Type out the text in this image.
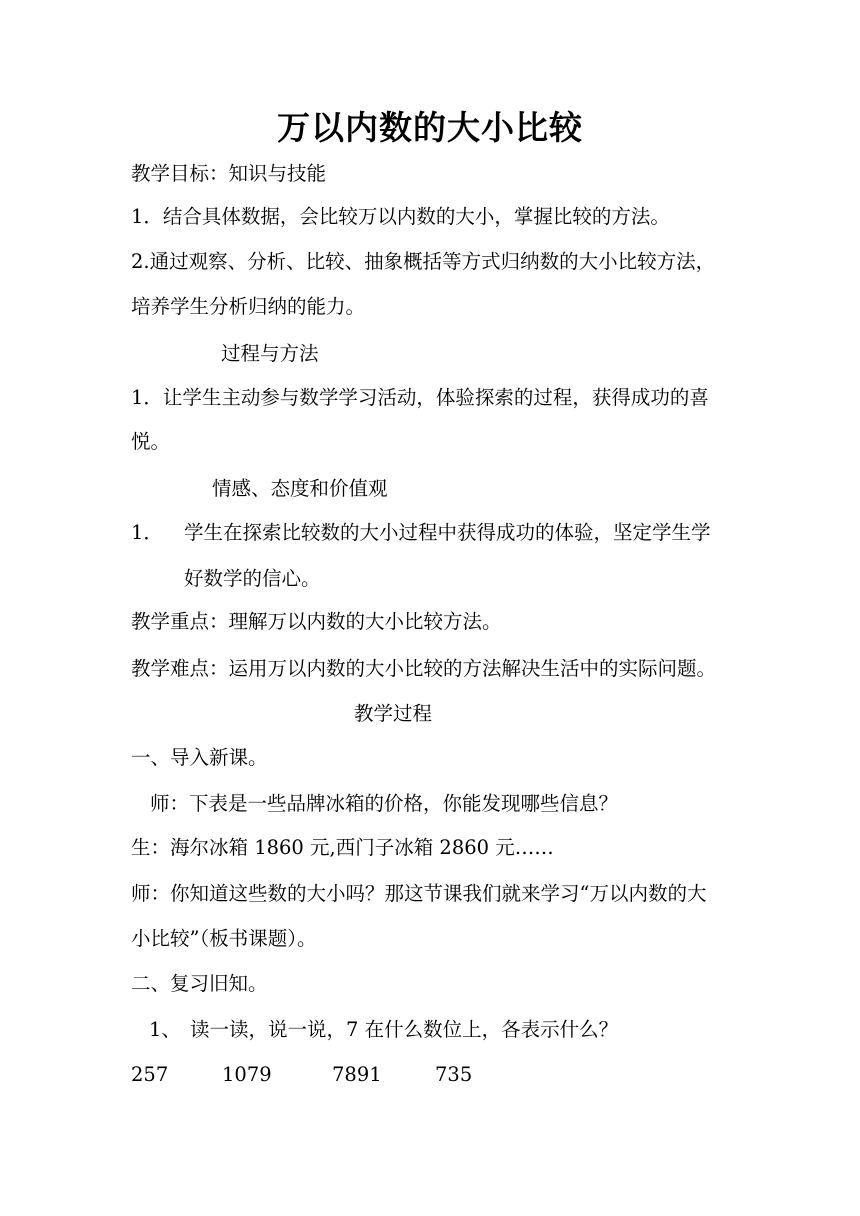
万以内数的大小比较
教学目标：知识与技能
1．结合具体数据，会比较万以内数的大小，掌握比较的方法。
2.通过观察、分析、比较、抽象概括等方式归纳数的大小比较方法，
培养学生分析归纳的能力。
过程与方法
1．让学生主动参与数学学习活动，体验探索的过程，获得成功的喜
悦。
情感、态度和价值观
1． 学生在探索比较数的大小过程中获得成功的体验，坚定学生学
好数学的信心。
教学重点：理解万以内数的大小比较方法。
教学难点：运用万以内数的大小比较的方法解决生活中的实际问题。
教学过程
一、导入新课。
师：下表是一些品牌冰箱的价格，你能发现哪些信息？
生：海尔冰箱 1860 元,西门子冰箱 2860 元……
师：你知道这些数的大小吗？那这节课我们就来学习“万以内数的大
小比较”（板书课题）。
二、复习旧知。
1、 读一读，说一说，7 在什么数位上，各表示什么？
257	1079	7891	735
